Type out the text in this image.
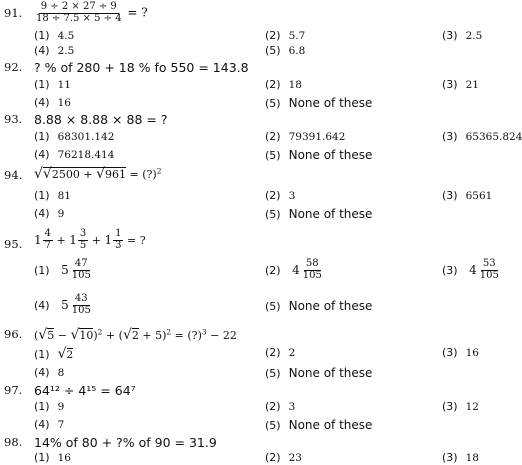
91. $\frac{9 \div 2 \times 27 \div 9}{18 \div 7.5 \times 5 \div 4}$ = ?
(1) 4.5	(2) 5.7	(3) 2.5
(4) 2.5	(5) 6.8
92. ? % of 280 + 18 % fo 550 = 143.8
(1) 11	(2) 18	(3) 21
(4) 16	(5) None of these
93. 8.88 × 8.88 × 88 = ?
(1) 68301.142	(2) 79391.642	(3) 65365.824
(4) 76218.414	(5) None of these
94. √√2500 + √961 = (?)$^2$
(1) 81	(2) 3	(3) 6561
(4) 9	(5) None of these
95. $1 \frac{4}{7} + 1 \frac{3}{5} + 1 \frac{1}{3}$ = ?
(1) $5 \frac{47}{105}$	(2) $4 \frac{58}{105}$	(3) $4 \frac{53}{105}$
(4) $5 \frac{43}{105}$	(5) None of these
96. $(√5 - √10)^2 + (√2 + 5)^2$ = (?)$^3$ − 22
(1) √2	(2) 2	(3) 16
(4) 8	(5) None of these
97. 64¹² ÷ 4¹⁵ = 64⁷
(1) 9	(2) 3	(3) 12
(4) 7	(5) None of these
98. 14% of 80 + ?% of 90 = 31.9
(1) 16	(2) 23	(3) 18
